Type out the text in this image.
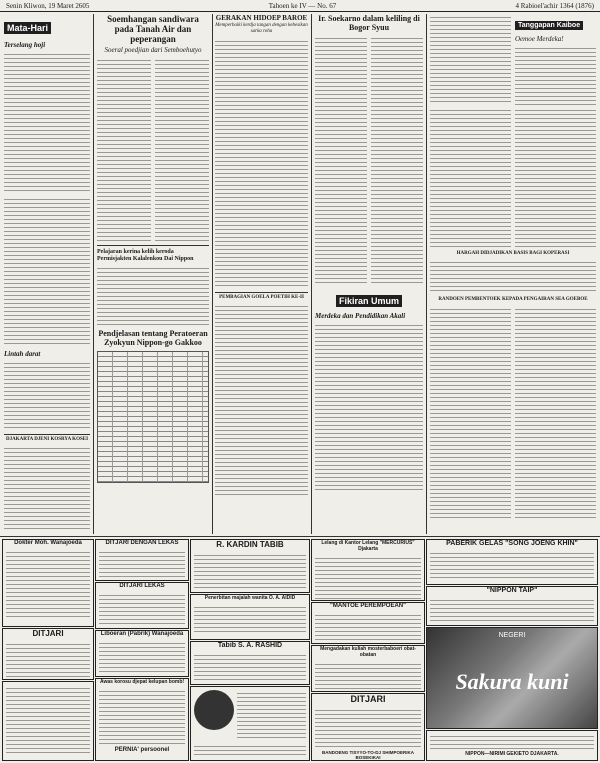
Senin Kliwon, 19 Maret 2605	Tahoen ke IV — No. 67	4 Rabioel'achir 1364 (1876)
Mata-Hari
Terselang hoji
Lintah darat
DJAKARTA DJENI KOSRYA KOSEI
Soemhangan sandiwara pada Tanah Air dan peperangan
Soeral poedjian dari Semboehutyo
Pelajaran kerina kelih keroda Permisjakten Kalalenkou Dai Nippon
Pendjelasan tentang Peratoeran Zyokyun Nippon-go Gakkoo
GERAKAN HIDOEP BAROE
Memperbaiki kerdja tangan dengan kebesikan sarka roha
PEMBAGIAN GOELA POETIH KE-II
Ir. Soekarno dalam keliling di Bogor Syuu
Fikiran Umum
Merdeka dan Pendidikan Akali
Tanggapan Kaiboe
Oemoe Merdeka!
HARGAH DIDJADIKAN BASIS BAGI KOPERASI
RANDOEN PEMBENTOEK KEPADA PENGAIRAN SEA GOEBOE
Dokter Moh. Wanajoeda
DITJARI
DITJARI DENGAN LEKAS
DITJARI LEKAS
Liboeran (Pabrik) Wanajoeda
Awas korosu djepat kelupan bomb!
PERNIA' persoonel
R. KARDIN TABIB
Penerbitan majalah wanita O. A. AIDID
Tabib S. A. RASHID
Lelang di Kantor Lelang "MERCURIUS" Djakarta
"MANTOE PEREMPOEAN"
Mengadakan kuliah mosterbaboeri obat-obatan
DITJARI
BANDOENG TISYYO-TO-DJ SHIMPOERIKA BOSEKIKAI
PABERIK GELAS "SONG JOENG KHIN"
"NIPPON TAIP"
NEGERI
Sakura kuni
NIPPON—NIRIMI GEKIETO DJAKARTA.
